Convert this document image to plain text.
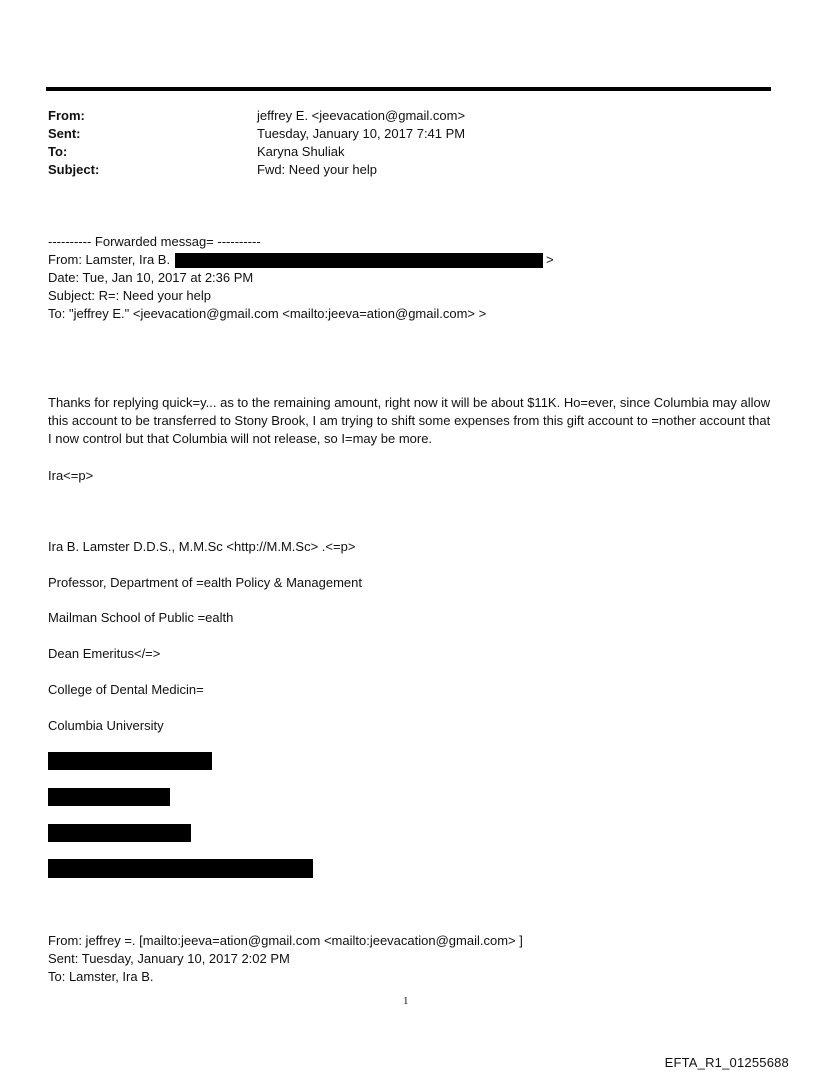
From:	jeffrey E. <jeevacation@gmail.com>
Sent:	Tuesday, January 10, 2017 7:41 PM
To:	Karyna Shuliak
Subject:	Fwd: Need your help
---------- Forwarded messag= ----------
From: Lamster, Ira B.	>
Date: Tue, Jan 10, 2017 at 2:36 PM
Subject: R=: Need your help
To: "jeffrey E." <jeevacation@gmail.com <mailto:jeeva=ation@gmail.com> >
Thanks for replying quick=y... as to the remaining amount, right now it will be about $11K. Ho=ever, since Columbia may allow this account to be transferred to Stony Brook, I am trying to shift some expenses from this gift account to =nother account that I now control but that Columbia will not release, so I=may be more.
Ira<=p>
Ira B. Lamster D.D.S., M.M.Sc <http://M.M.Sc> .<=p>
Professor, Department of =ealth Policy & Management
Mailman School of Public =ealth
Dean Emeritus</=>
College of Dental Medicin=
Columbia University
From: jeffrey =. [mailto:jeeva=ation@gmail.com <mailto:jeevacation@gmail.com> ]
Sent: Tuesday, January 10, 2017 2:02 PM
To: Lamster, Ira B.
1
EFTA_R1_01255688
